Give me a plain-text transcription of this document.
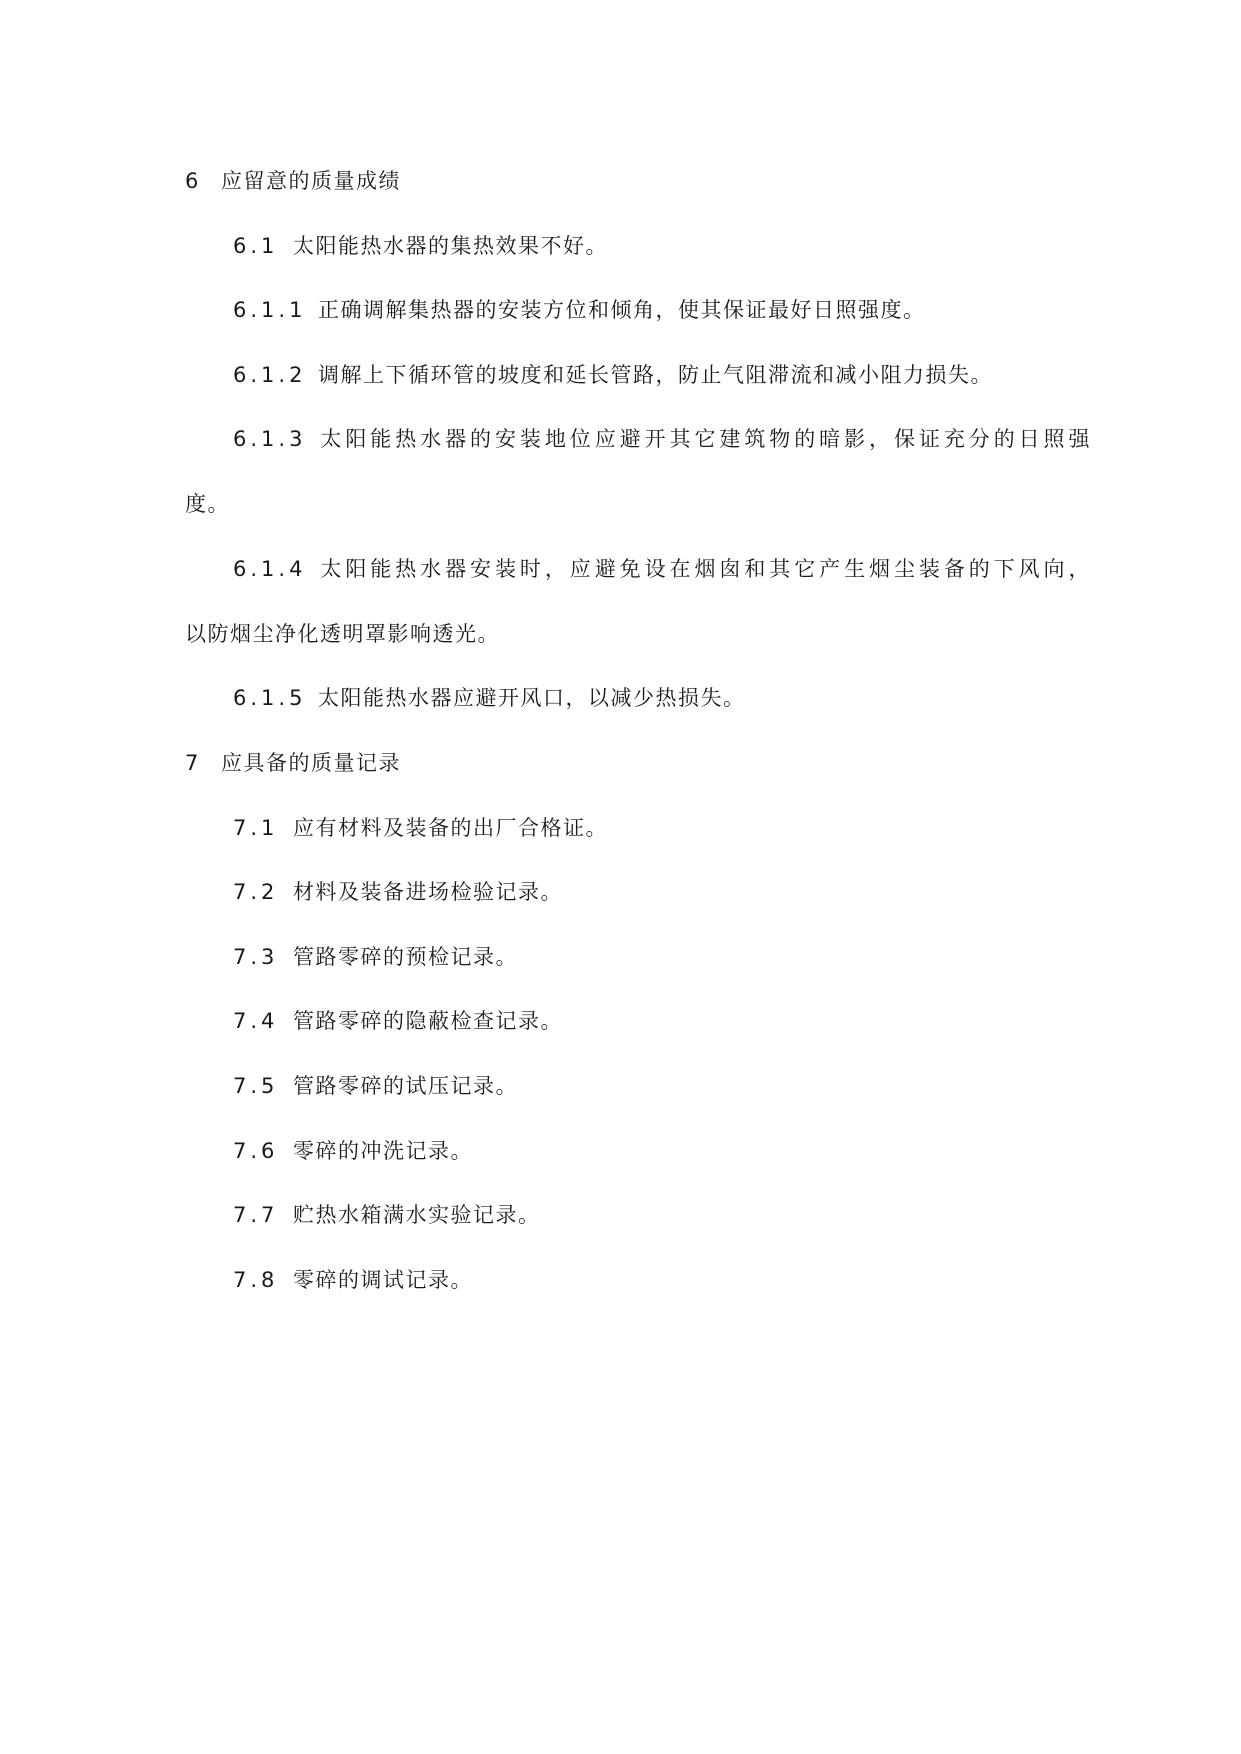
6 应留意的质量成绩
6.1 太阳能热水器的集热效果不好。
6.1.1 正确调解集热器的安装方位和倾角，使其保证最好日照强度。
6.1.2 调解上下循环管的坡度和延长管路，防止气阻滞流和减小阻力损失。
6.1.3 太阳能热水器的安装地位应避开其它建筑物的暗影，保证充分的日照强
度。
6.1.4 太阳能热水器安装时，应避免设在烟囱和其它产生烟尘装备的下风向，
以防烟尘净化透明罩影响透光。
6.1.5 太阳能热水器应避开风口，以减少热损失。
7 应具备的质量记录
7.1 应有材料及装备的出厂合格证。
7.2 材料及装备进场检验记录。
7.3 管路零碎的预检记录。
7.4 管路零碎的隐蔽检查记录。
7.5 管路零碎的试压记录。
7.6 零碎的冲洗记录。
7.7 贮热水箱满水实验记录。
7.8 零碎的调试记录。
